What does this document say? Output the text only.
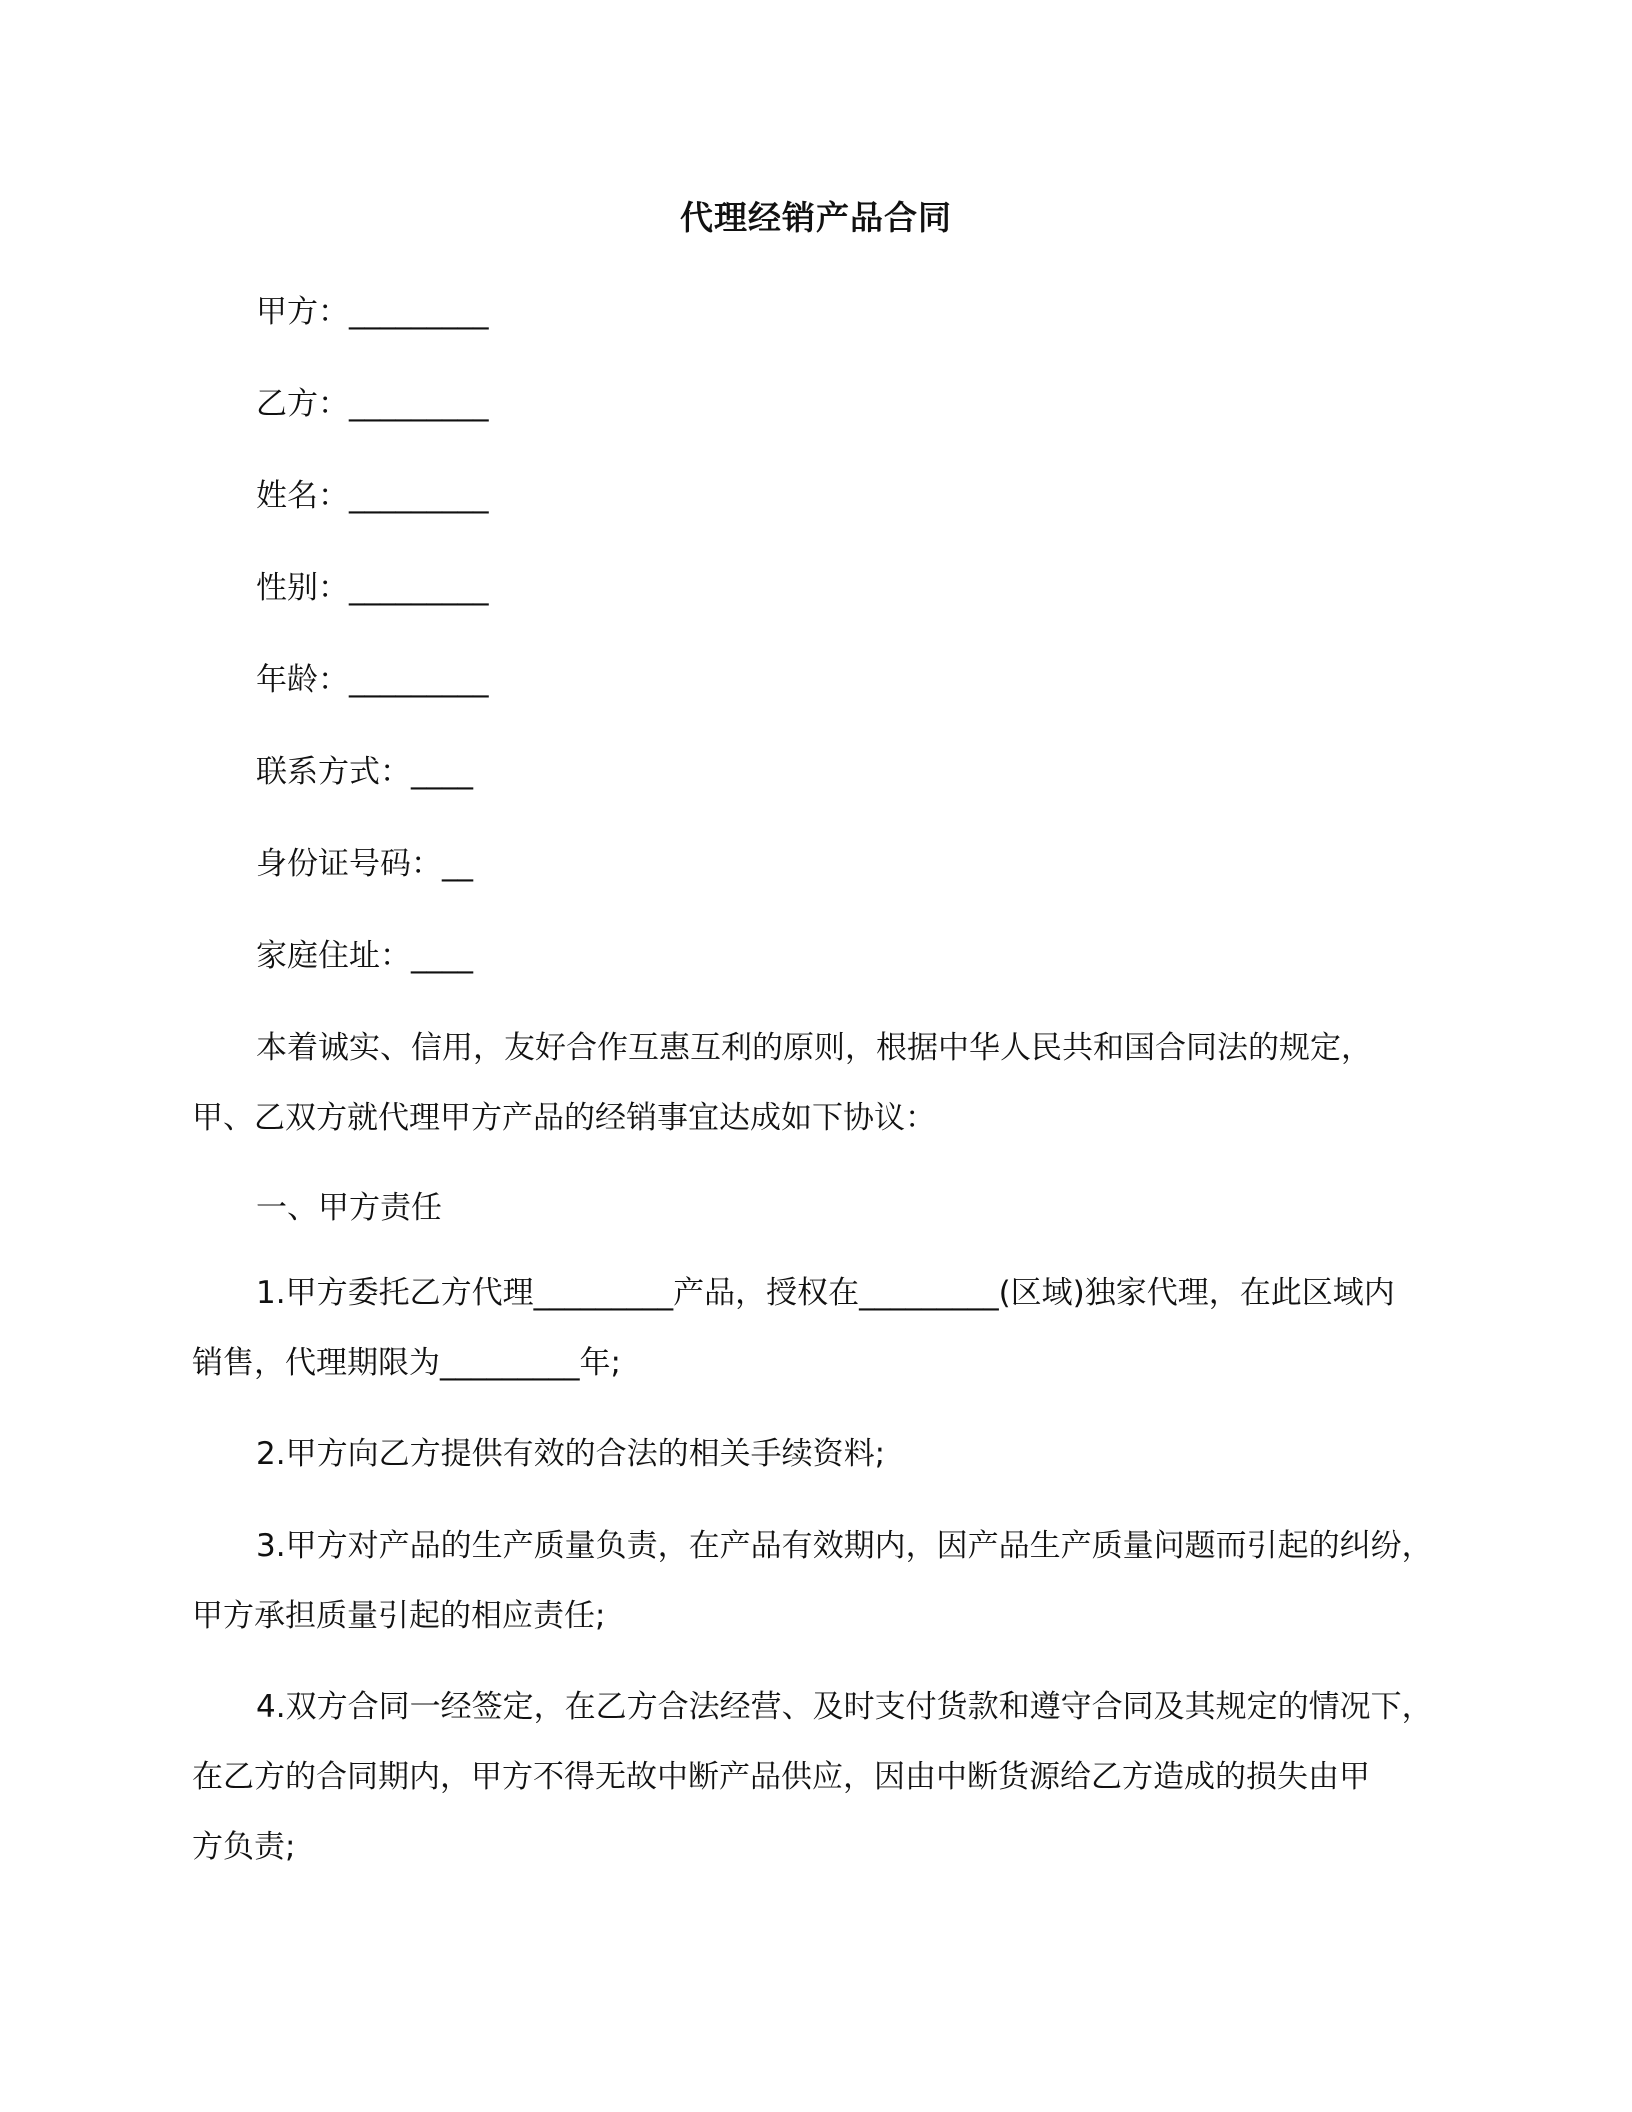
代理经销产品合同
甲方：_________
乙方：_________
姓名：_________
性别：_________
年龄：_________
联系方式：____
身份证号码：__
家庭住址：____
本着诚实、信用，友好合作互惠互利的原则，根据中华人民共和国合同法的规定，
甲、乙双方就代理甲方产品的经销事宜达成如下协议：
一、甲方责任
1.甲方委托乙方代理_________产品，授权在_________(区域)独家代理，在此区域内
销售，代理期限为_________年;
2.甲方向乙方提供有效的合法的相关手续资料;
3.甲方对产品的生产质量负责，在产品有效期内，因产品生产质量问题而引起的纠纷，
甲方承担质量引起的相应责任;
4.双方合同一经签定，在乙方合法经营、及时支付货款和遵守合同及其规定的情况下，
在乙方的合同期内，甲方不得无故中断产品供应，因由中断货源给乙方造成的损失由甲
方负责;
